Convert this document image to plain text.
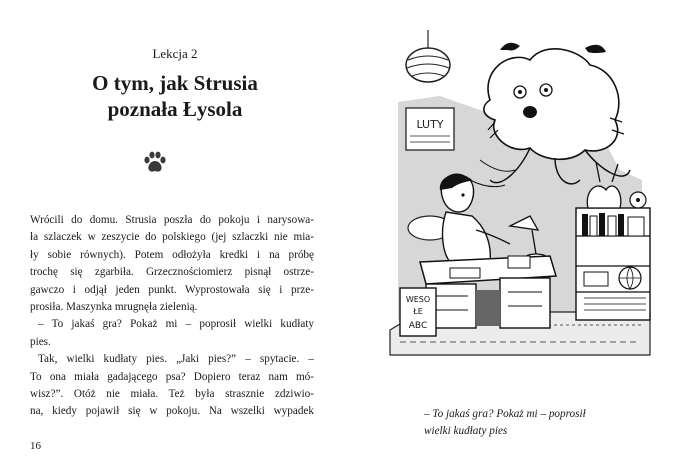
Lekcja 2
O tym, jak Strusia
poznała Łysola
Wrócili do domu. Strusia poszła do pokoju i narysowa-
ła szlaczek w zeszycie do polskiego (jej szlaczki nie mia-
ły sobie równych). Potem odłożyła kredki i na próbę
trochę się zgarbiła. Grzecznościomierz pisnął ostrze-
gawczo i odjął jeden punkt. Wyprostowała się i prze-
prosiła. Maszynka mrugnęła zielenią.
– To jakaś gra? Pokaż mi – poprosił wielki kudłaty
pies.
Tak, wielki kudłaty pies. „Jaki pies?” – spytacie. –
To ona miała gadającego psa? Dopiero teraz nam mó-
wisz?”. Otóż nie miała. Też była strasznie zdziwio-
na, kiedy pojawił się w pokoju. Na wszelki wypadek
16
LUTY
WESO
ŁE
ABC
– To jakaś gra? Pokaż mi – poprosił
wielki kudłaty pies
